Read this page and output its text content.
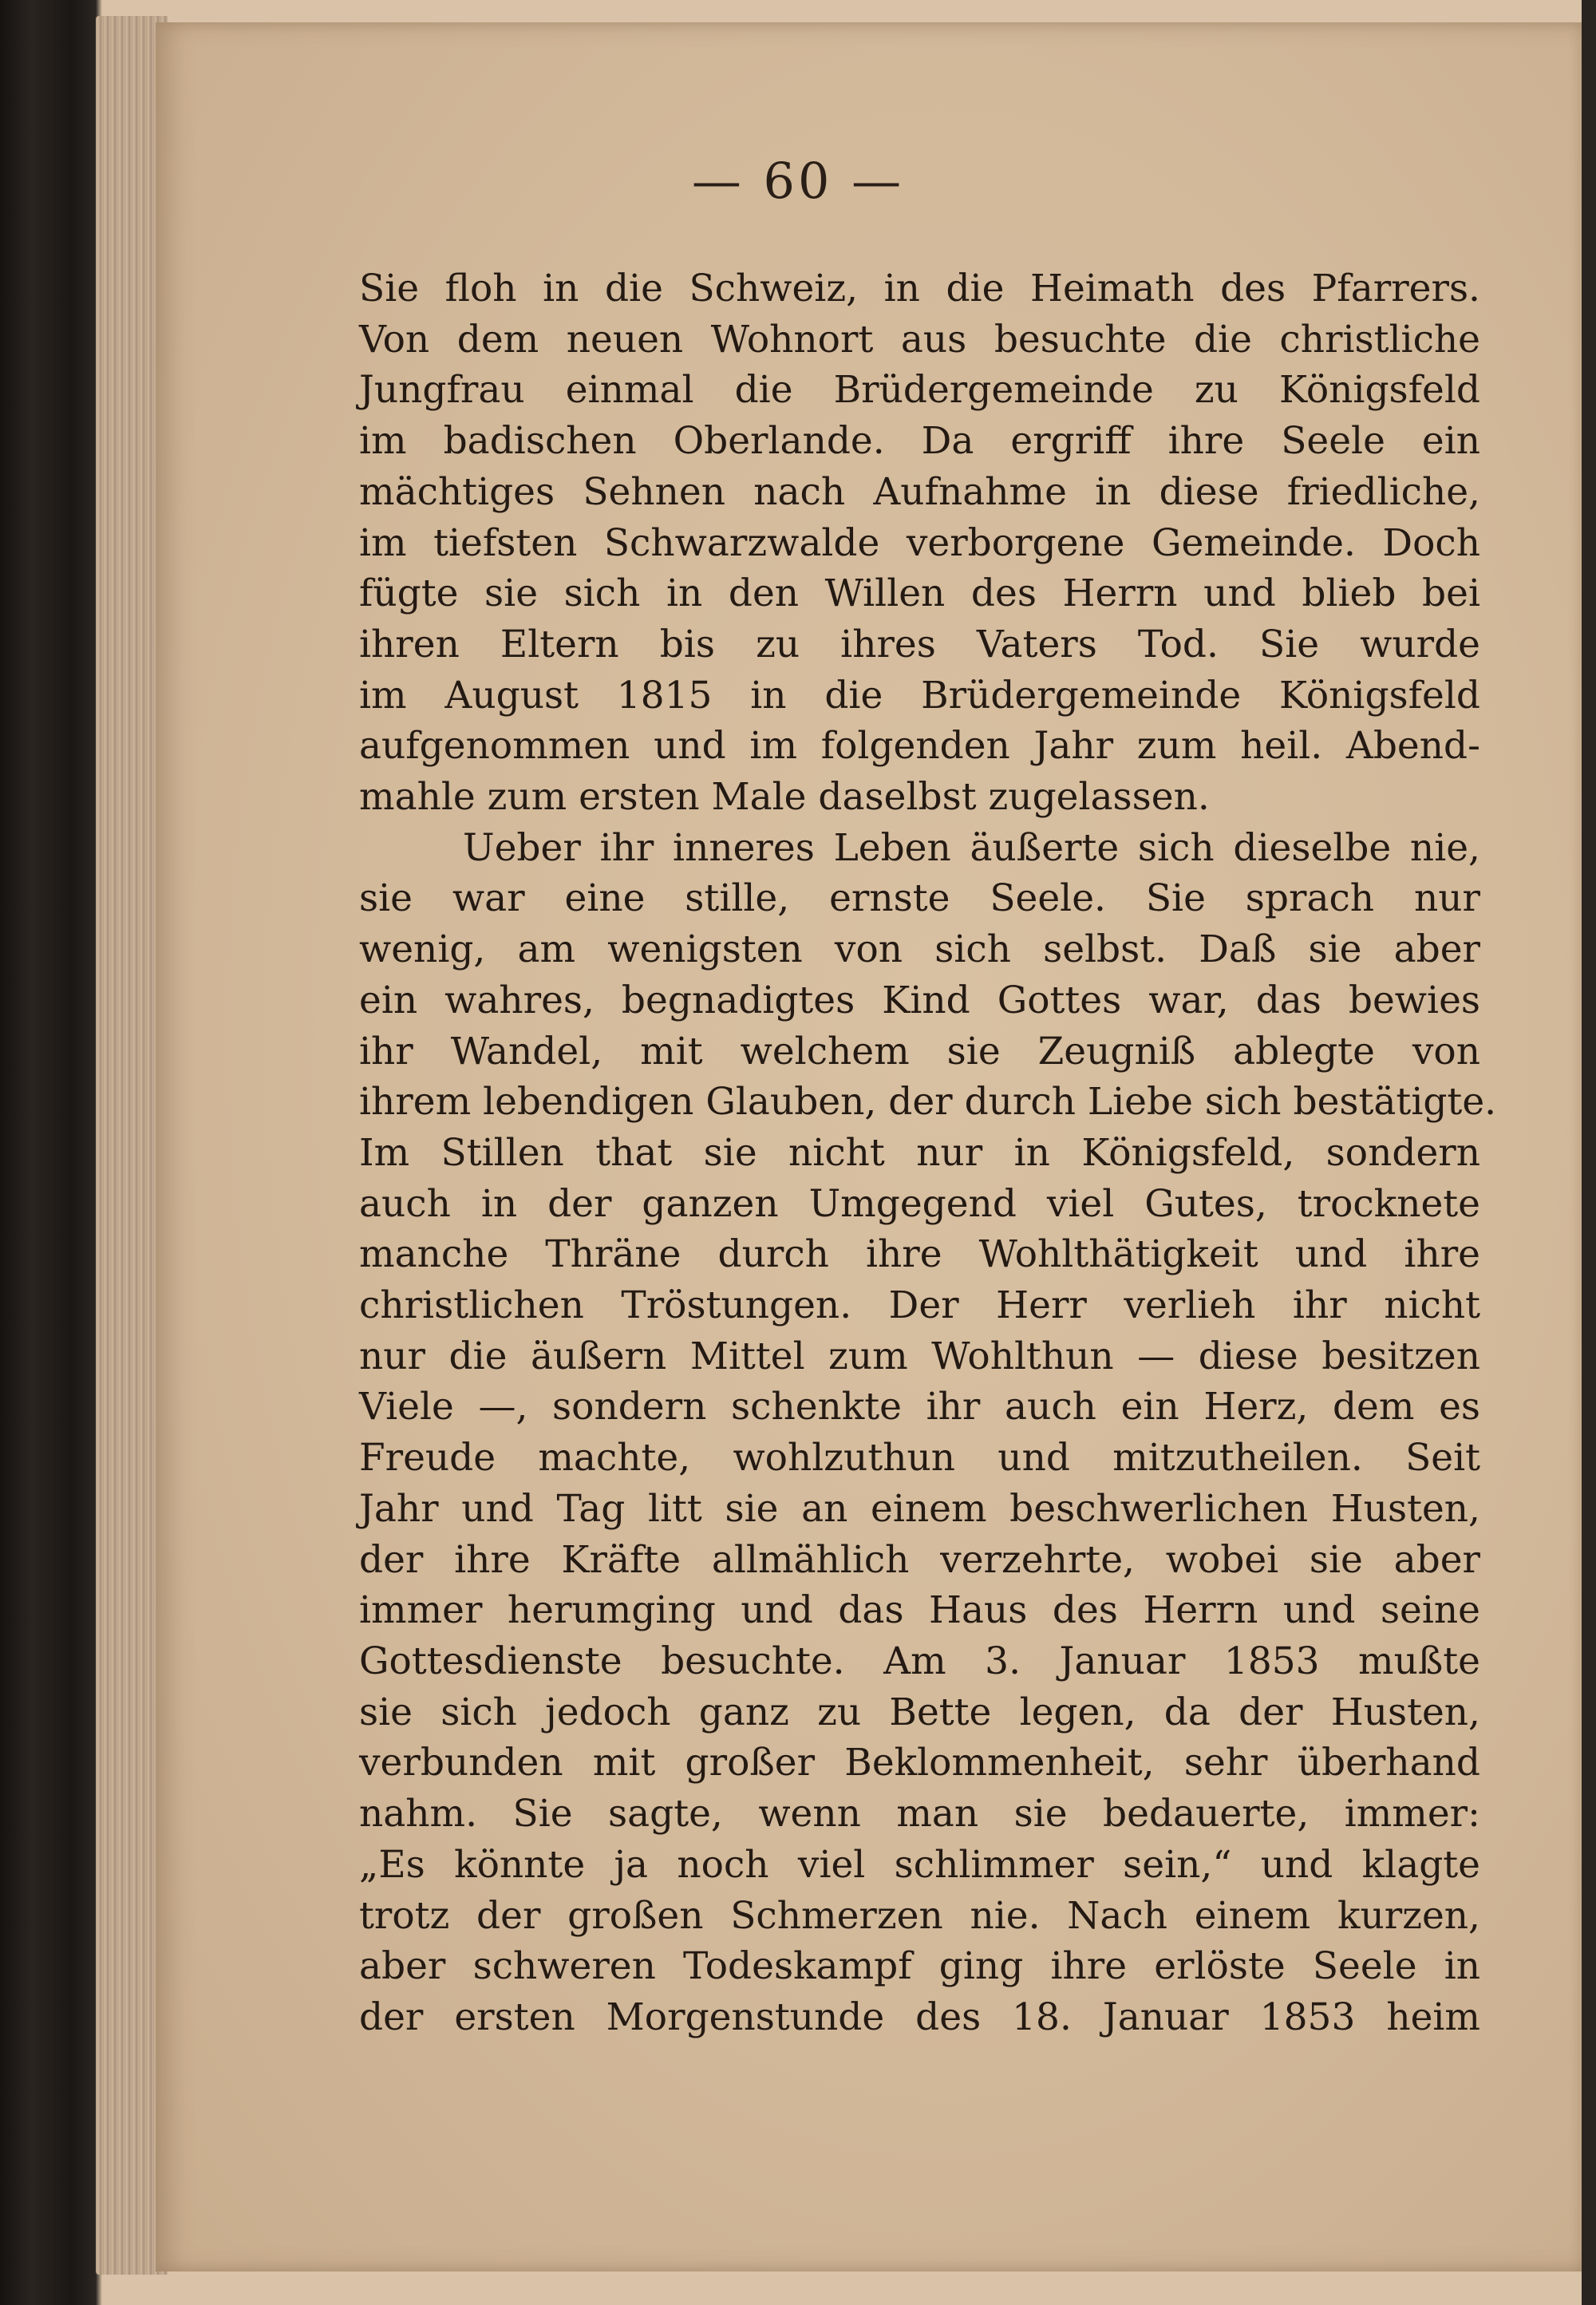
— 60 —
Sie floh in die Schweiz, in die Heimath des Pfarrers.
Von dem neuen Wohnort aus besuchte die christliche
Jungfrau einmal die Brüdergemeinde zu Königsfeld
im badischen Oberlande. Da ergriff ihre Seele ein
mächtiges Sehnen nach Aufnahme in diese friedliche,
im tiefsten Schwarzwalde verborgene Gemeinde. Doch
fügte sie sich in den Willen des Herrn und blieb bei
ihren Eltern bis zu ihres Vaters Tod. Sie wurde
im August 1815 in die Brüdergemeinde Königsfeld
aufgenommen und im folgenden Jahr zum heil. Abend-
mahle zum ersten Male daselbst zugelassen.
Ueber ihr inneres Leben äußerte sich dieselbe nie,
sie war eine stille, ernste Seele. Sie sprach nur
wenig, am wenigsten von sich selbst. Daß sie aber
ein wahres, begnadigtes Kind Gottes war, das bewies
ihr Wandel, mit welchem sie Zeugniß ablegte von
ihrem lebendigen Glauben, der durch Liebe sich bestätigte.
Im Stillen that sie nicht nur in Königsfeld, sondern
auch in der ganzen Umgegend viel Gutes, trocknete
manche Thräne durch ihre Wohlthätigkeit und ihre
christlichen Tröstungen. Der Herr verlieh ihr nicht
nur die äußern Mittel zum Wohlthun — diese besitzen
Viele —, sondern schenkte ihr auch ein Herz, dem es
Freude machte, wohlzuthun und mitzutheilen. Seit
Jahr und Tag litt sie an einem beschwerlichen Husten,
der ihre Kräfte allmählich verzehrte, wobei sie aber
immer herumging und das Haus des Herrn und seine
Gottesdienste besuchte. Am 3. Januar 1853 mußte
sie sich jedoch ganz zu Bette legen, da der Husten,
verbunden mit großer Beklommenheit, sehr überhand
nahm. Sie sagte, wenn man sie bedauerte, immer:
„Es könnte ja noch viel schlimmer sein,“ und klagte
trotz der großen Schmerzen nie. Nach einem kurzen,
aber schweren Todeskampf ging ihre erlöste Seele in
der ersten Morgenstunde des 18. Januar 1853 heim
